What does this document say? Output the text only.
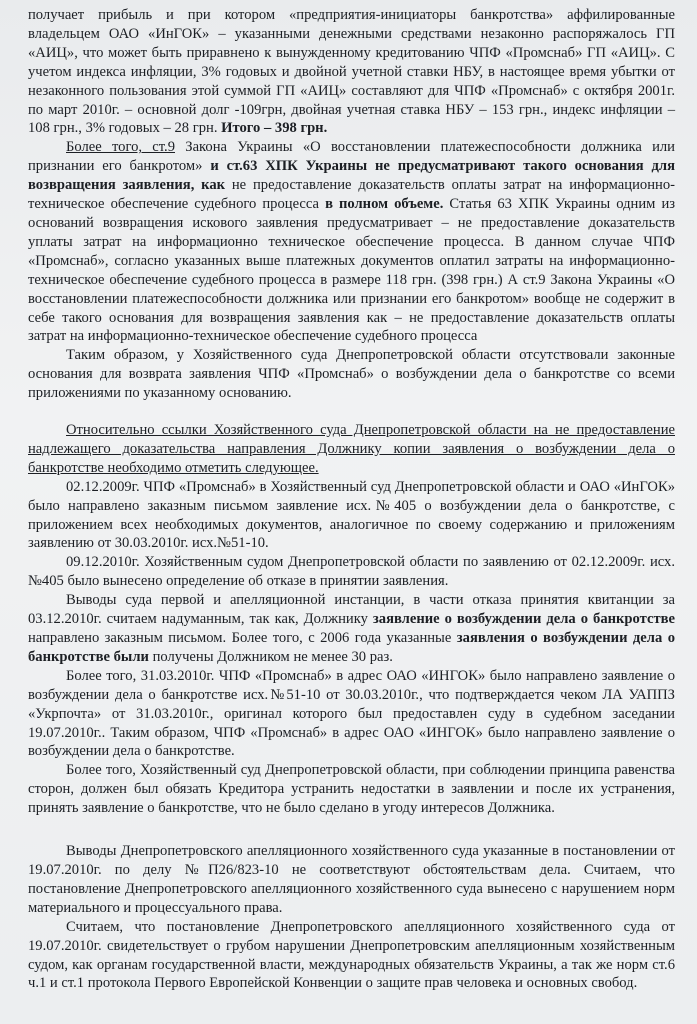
получает прибыль и при котором «предприятия-инициаторы банкротства» аффилированные владельцем ОАО «ИнГОК» – указанными денежными средствами незаконно распоряжалось ГП «АИЦ», что может быть приравнено к вынужденному кредитованию ЧПФ «Промснаб» ГП «АИЦ». С учетом индекса инфляции, 3% годовых и двойной учетной ставки НБУ, в настоящее время убытки от незаконного пользования этой суммой ГП «АИЦ» составляют для ЧПФ «Промснаб» с октября 2001г. по март 2010г. – основной долг -109грн, двойная учетная ставка НБУ – 153 грн., индекс инфляции – 108 грн., 3% годовых – 28 грн. Итого – 398 грн.

Более того, ст.9 Закона Украины «О восстановлении платежеспособности должника или признании его банкротом» и ст.63 ХПК Украины не предусматривают такого основания для возвращения заявления, как не предоставление доказательств оплаты затрат на информационно-техническое обеспечение судебного процесса в полном объеме. Статья 63 ХПК Украины одним из оснований возвращения искового заявления предусматривает – не предоставление доказательств уплаты затрат на информационно техническое обеспечение процесса. В данном случае ЧПФ «Промснаб», согласно указанных выше платежных документов оплатил затраты на информационно-техническое обеспечение судебного процесса в размере 118 грн. (398 грн.) А ст.9 Закона Украины «О восстановлении платежеспособности должника или признании его банкротом» вообще не содержит в себе такого основания для возвращения заявления как – не предоставление доказательств оплаты затрат на информационно-техническое обеспечение судебного процесса

Таким образом, у Хозяйственного суда Днепропетровской области отсутствовали законные основания для возврата заявления ЧПФ «Промснаб» о возбуждении дела о банкротстве со всеми приложениями по указанному основанию.

Относительно ссылки Хозяйственного суда Днепропетровской области на не предоставление надлежащего доказательства направления Должнику копии заявления о возбуждении дела о банкротстве необходимо отметить следующее.

02.12.2009г. ЧПФ «Промснаб» в Хозяйственный суд Днепропетровской области и ОАО «ИнГОК» было направлено заказным письмом заявление исх.№405 о возбуждении дела о банкротстве, с приложением всех необходимых документов, аналогичное по своему содержанию и приложениям заявлению от 30.03.2010г. исх.№51-10.

09.12.2010г. Хозяйственным судом Днепропетровской области по заявлению от 02.12.2009г. исх.№405 было вынесено определение об отказе в принятии заявления.

Выводы суда первой и апелляционной инстанции, в части отказа принятия квитанции за 03.12.2010г. считаем надуманным, так как, Должнику заявление о возбуждении дела о банкротстве направлено заказным письмом. Более того, с 2006 года указанные заявления о возбуждении дела о банкротстве были получены Должником не менее 30 раз.

Более того, 31.03.2010г. ЧПФ «Промснаб» в адрес ОАО «ИНГОК» было направлено заявление о возбуждении дела о банкротстве исх.№51-10 от 30.03.2010г., что подтверждается чеком ЛА УАППЗ «Укрпочта» от 31.03.2010г., оригинал которого был предоставлен суду в судебном заседании 19.07.2010г.. Таким образом, ЧПФ «Промснаб» в адрес ОАО «ИНГОК» было направлено заявление о возбуждении дела о банкротстве.

Более того, Хозяйственный суд Днепропетровской области, при соблюдении принципа равенства сторон, должен был обязать Кредитора устранить недостатки в заявлении и после их устранения, принять заявление о банкротстве, что не было сделано в угоду интересов Должника.

Выводы Днепропетровского апелляционного хозяйственного суда указанные в постановлении от 19.07.2010г. по делу №П26/823-10 не соответствуют обстоятельствам дела. Считаем, что постановление Днепропетровского апелляционного хозяйственного суда вынесено с нарушением норм материального и процессуального права.

Считаем, что постановление Днепропетровского апелляционного хозяйственного суда от 19.07.2010г. свидетельствует о грубом нарушении Днепропетровским апелляционным хозяйственным судом, как органам государственной власти, международных обязательств Украины, а так же норм ст.6 ч.1 и ст.1 протокола Первого Европейской Конвенции о защите прав человека и основных свобод.
